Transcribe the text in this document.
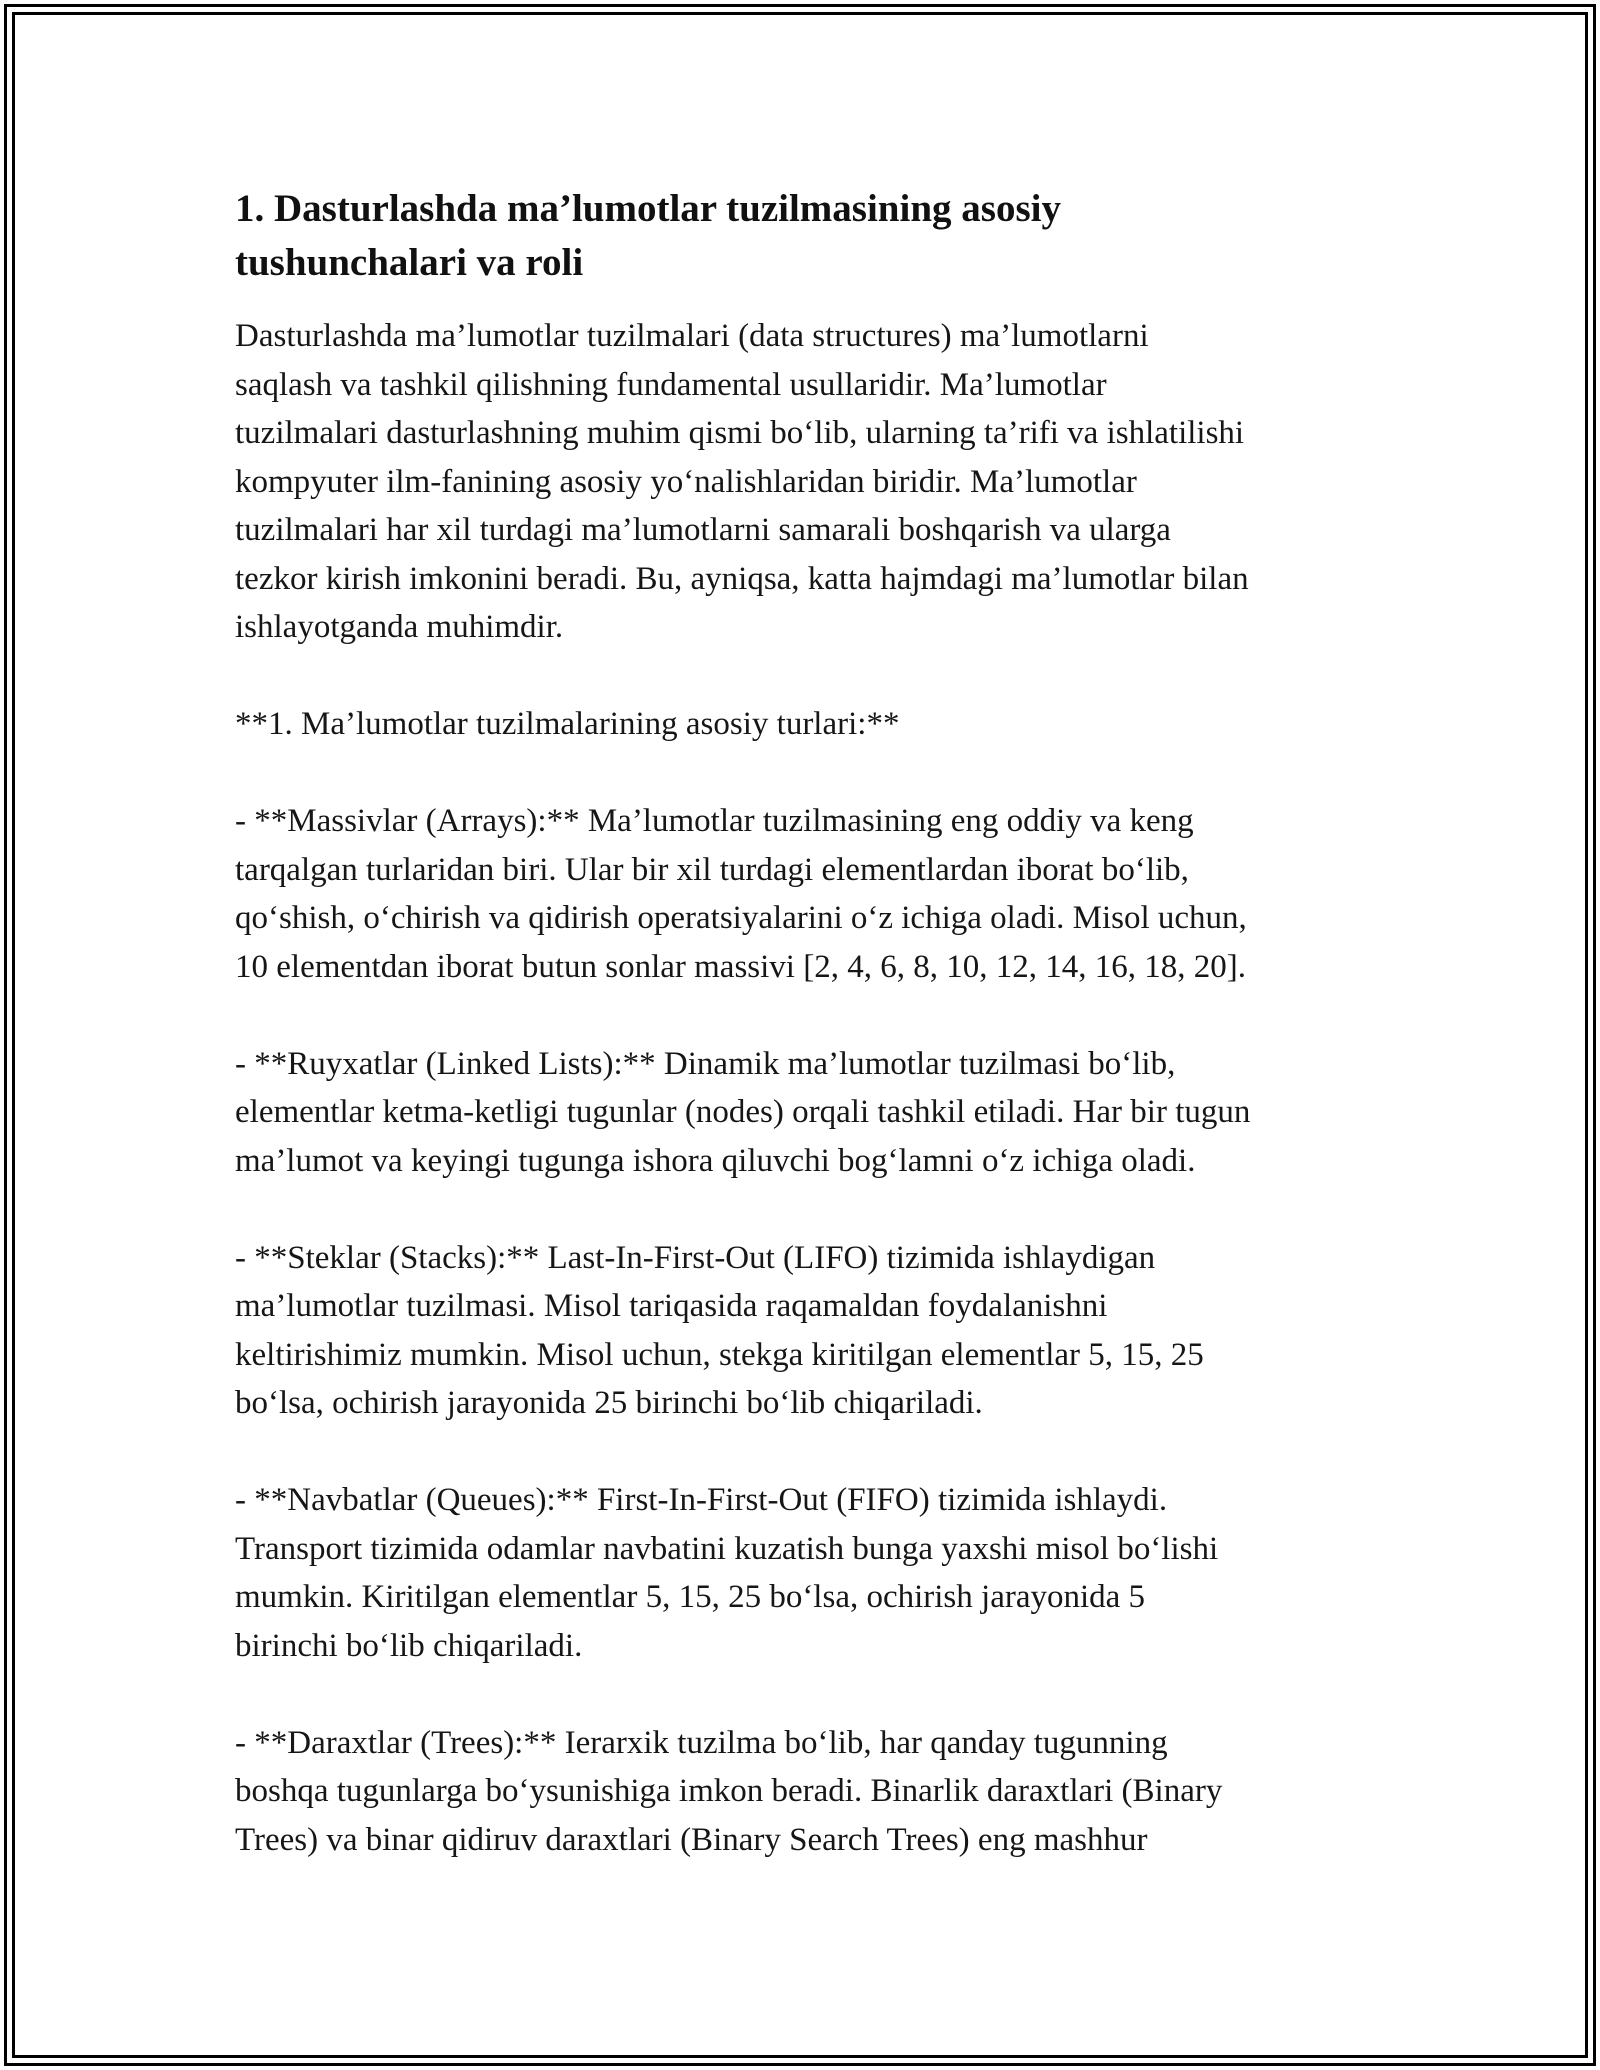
1. Dasturlashda ma’lumotlar tuzilmasining asosiy
tushunchalari va roli

Dasturlashda ma’lumotlar tuzilmalari (data structures) ma’lumotlarni
saqlash va tashkil qilishning fundamental usullaridir. Ma’lumotlar
tuzilmalari dasturlashning muhim qismi bo‘lib, ularning ta’rifi va ishlatilishi
kompyuter ilm-fanining asosiy yo‘nalishlaridan biridir. Ma’lumotlar
tuzilmalari har xil turdagi ma’lumotlarni samarali boshqarish va ularga
tezkor kirish imkonini beradi. Bu, ayniqsa, katta hajmdagi ma’lumotlar bilan
ishlayotganda muhimdir.

**1. Ma’lumotlar tuzilmalarining asosiy turlari:**

- **Massivlar (Arrays):** Ma’lumotlar tuzilmasining eng oddiy va keng
tarqalgan turlaridan biri. Ular bir xil turdagi elementlardan iborat bo‘lib,
qo‘shish, o‘chirish va qidirish operatsiyalarini o‘z ichiga oladi. Misol uchun,
10 elementdan iborat butun sonlar massivi [2, 4, 6, 8, 10, 12, 14, 16, 18, 20].

- **Ruyxatlar (Linked Lists):** Dinamik ma’lumotlar tuzilmasi bo‘lib,
elementlar ketma-ketligi tugunlar (nodes) orqali tashkil etiladi. Har bir tugun
ma’lumot va keyingi tugunga ishora qiluvchi bog‘lamni o‘z ichiga oladi.

- **Steklar (Stacks):** Last-In-First-Out (LIFO) tizimida ishlaydigan
ma’lumotlar tuzilmasi. Misol tariqasida raqamaldan foydalanishni
keltirishimiz mumkin. Misol uchun, stekga kiritilgan elementlar 5, 15, 25
bo‘lsa, ochirish jarayonida 25 birinchi bo‘lib chiqariladi.

- **Navbatlar (Queues):** First-In-First-Out (FIFO) tizimida ishlaydi.
Transport tizimida odamlar navbatini kuzatish bunga yaxshi misol bo‘lishi
mumkin. Kiritilgan elementlar 5, 15, 25 bo‘lsa, ochirish jarayonida 5
birinchi bo‘lib chiqariladi.

- **Daraxtlar (Trees):** Ierarxik tuzilma bo‘lib, har qanday tugunning
boshqa tugunlarga bo‘ysunishiga imkon beradi. Binarlik daraxtlari (Binary
Trees) va binar qidiruv daraxtlari (Binary Search Trees) eng mashhur
